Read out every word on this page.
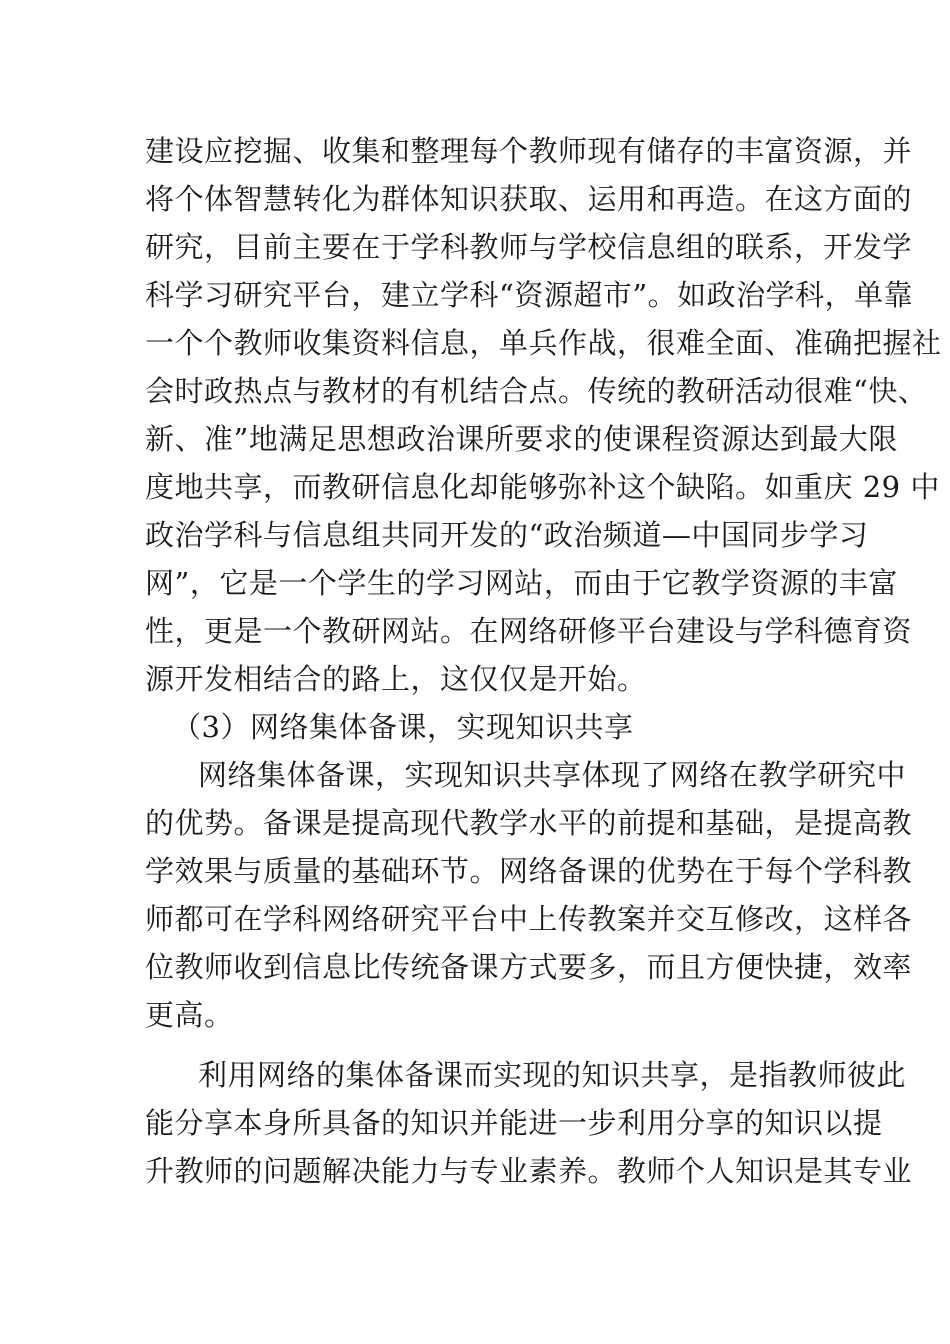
建设应挖掘、收集和整理每个教师现有储存的丰富资源，并
将个体智慧转化为群体知识获取、运用和再造。在这方面的
研究，目前主要在于学科教师与学校信息组的联系，开发学
科学习研究平台，建立学科“资源超市”。如政治学科，单靠
一个个教师收集资料信息，单兵作战，很难全面、准确把握社
会时政热点与教材的有机结合点。传统的教研活动很难“快、
新、准”地满足思想政治课所要求的使课程资源达到最大限
度地共享，而教研信息化却能够弥补这个缺陷。如重庆 29 中
政治学科与信息组共同开发的“政治频道—中国同步学习
网”，它是一个学生的学习网站，而由于它教学资源的丰富
性，更是一个教研网站。在网络研修平台建设与学科德育资
源开发相结合的路上，这仅仅是开始。
（3）网络集体备课，实现知识共享
网络集体备课，实现知识共享体现了网络在教学研究中
的优势。备课是提高现代教学水平的前提和基础，是提高教
学效果与质量的基础环节。网络备课的优势在于每个学科教
师都可在学科网络研究平台中上传教案并交互修改，这样各
位教师收到信息比传统备课方式要多，而且方便快捷，效率
更高。
利用网络的集体备课而实现的知识共享，是指教师彼此
能分享本身所具备的知识并能进一步利用分享的知识以提
升教师的问题解决能力与专业素养。教师个人知识是其专业
